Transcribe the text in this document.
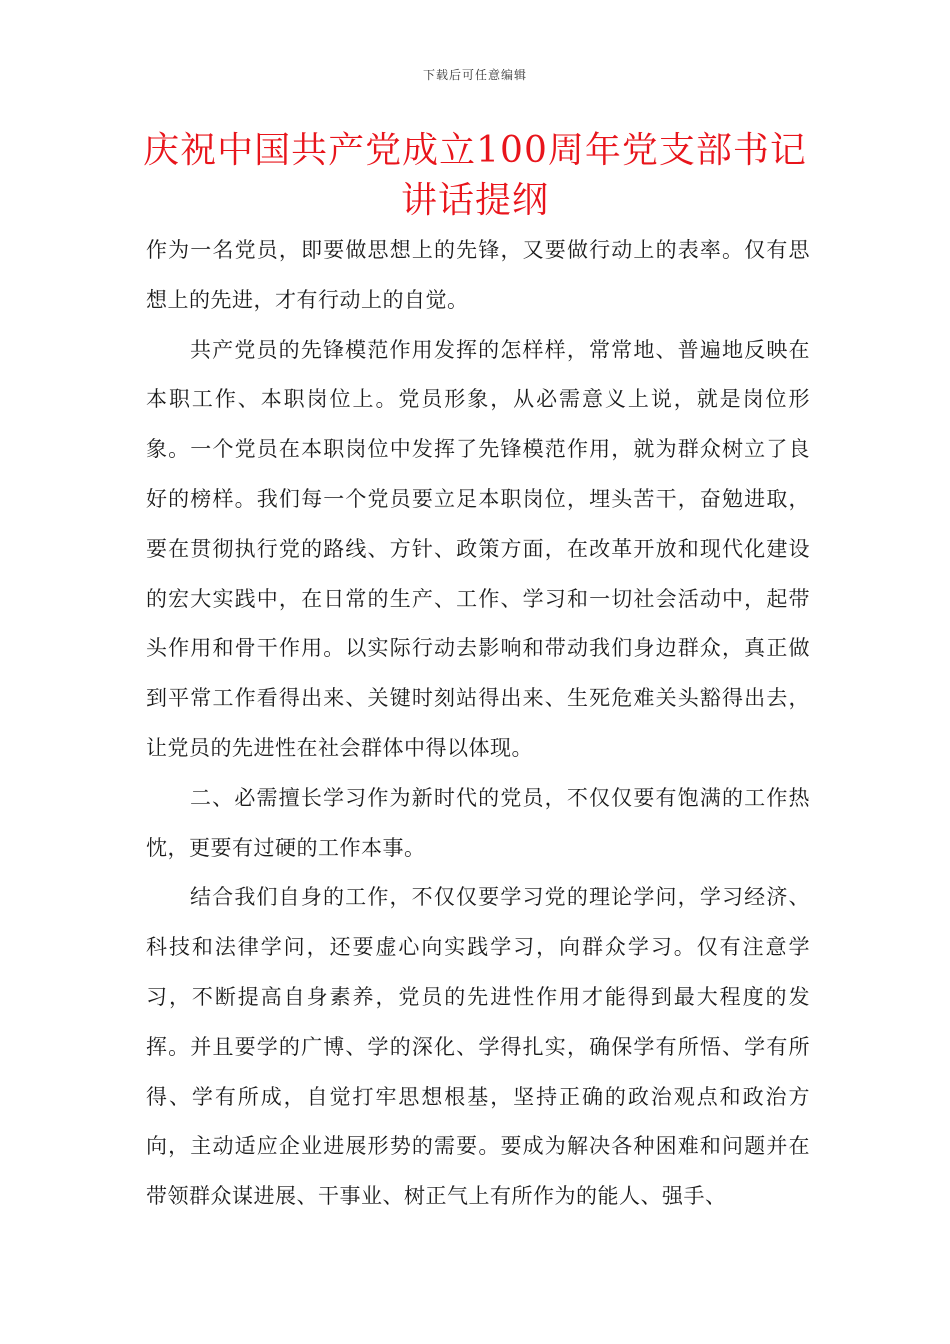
下载后可任意编辑
庆祝中国共产党成立100周年党支部书记
讲话提纲

作为一名党员，即要做思想上的先锋，又要做行动上的表率。仅有思想上的先进，才有行动上的自觉。

共产党员的先锋模范作用发挥的怎样样，常常地、普遍地反映在本职工作、本职岗位上。党员形象，从必需意义上说，就是岗位形象。一个党员在本职岗位中发挥了先锋模范作用，就为群众树立了良好的榜样。我们每一个党员要立足本职岗位，埋头苦干，奋勉进取，要在贯彻执行党的路线、方针、政策方面，在改革开放和现代化建设的宏大实践中，在日常的生产、工作、学习和一切社会活动中，起带头作用和骨干作用。以实际行动去影响和带动我们身边群众，真正做到平常工作看得出来、关键时刻站得出来、生死危难关头豁得出去，让党员的先进性在社会群体中得以体现。

二、必需擅长学习作为新时代的党员，不仅仅要有饱满的工作热忱，更要有过硬的工作本事。

结合我们自身的工作，不仅仅要学习党的理论学问，学习经济、科技和法律学问，还要虚心向实践学习，向群众学习。仅有注意学习，不断提高自身素养，党员的先进性作用才能得到最大程度的发挥。并且要学的广博、学的深化、学得扎实，确保学有所悟、学有所得、学有所成，自觉打牢思想根基，坚持正确的政治观点和政治方向，主动适应企业进展形势的需要。要成为解决各种困难和问题并在带领群众谋进展、干事业、树正气上有所作为的能人、强手、
